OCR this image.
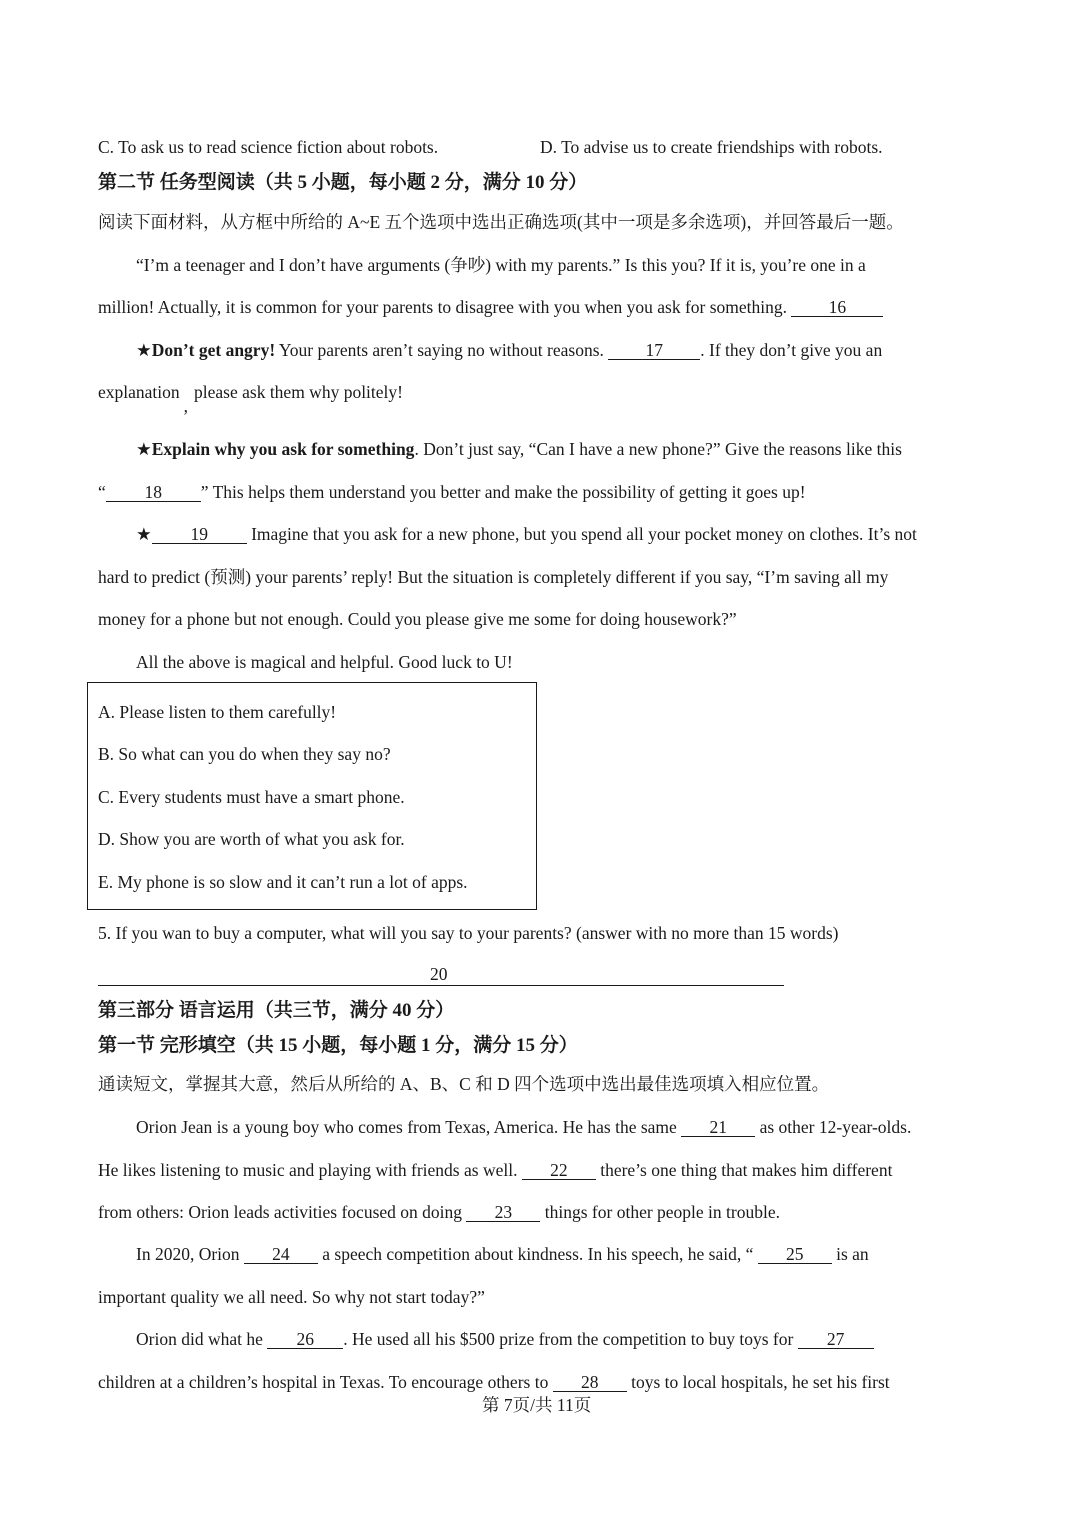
C. To ask us to read science fiction about robots.	D. To advise us to create friendships with robots.
第二节 任务型阅读（共 5 小题，每小题 2 分，满分 10 分）
阅读下面材料，从方框中所给的 A~E 五个选项中选出正确选项(其中一项是多余选项)，并回答最后一题。
“I’m a teenager and I don’t have arguments (争吵) with my parents.” Is this you? If it is, you’re one in a
million! Actually, it is common for your parents to disagree with you when you ask for something. 16
★Don’t get angry! Your parents aren’t saying no without reasons. 17 . If they don’t give you an
explanation,please ask them why politely!
★Explain why you ask for something. Don’t just say, “Can I have a new phone?” Give the reasons like this
“ 18 ” This helps them understand you better and make the possibility of getting it goes up!
★ 19 Imagine that you ask for a new phone, but you spend all your pocket money on clothes. It’s not
hard to predict (预测) your parents’ reply! But the situation is completely different if you say, “I’m saving all my
money for a phone but not enough. Could you please give me some for doing housework?”
All the above is magical and helpful. Good luck to U!
A. Please listen to them carefully!
B. So what can you do when they say no?
C. Every students must have a smart phone.
D. Show you are worth of what you ask for.
E. My phone is so slow and it can’t run a lot of apps.
5. If you wan to buy a computer, what will you say to your parents? (answer with no more than 15 words)
20
第三部分 语言运用（共三节，满分 40 分）
第一节 完形填空（共 15 小题，每小题 1 分，满分 15 分）
通读短文，掌握其大意，然后从所给的 A、B、C 和 D 四个选项中选出最佳选项填入相应位置。
Orion Jean is a young boy who comes from Texas, America. He has the same 21 as other 12-year-olds.
He likes listening to music and playing with friends as well. 22 there’s one thing that makes him different
from others: Orion leads activities focused on doing 23 things for other people in trouble.
In 2020, Orion 24 a speech competition about kindness. In his speech, he said, “ 25 is an
important quality we all need. So why not start today?”
Orion did what he 26 . He used all his $500 prize from the competition to buy toys for 27
children at a children’s hospital in Texas. To encourage others to 28 toys to local hospitals, he set his first
第 7页/共 11页
